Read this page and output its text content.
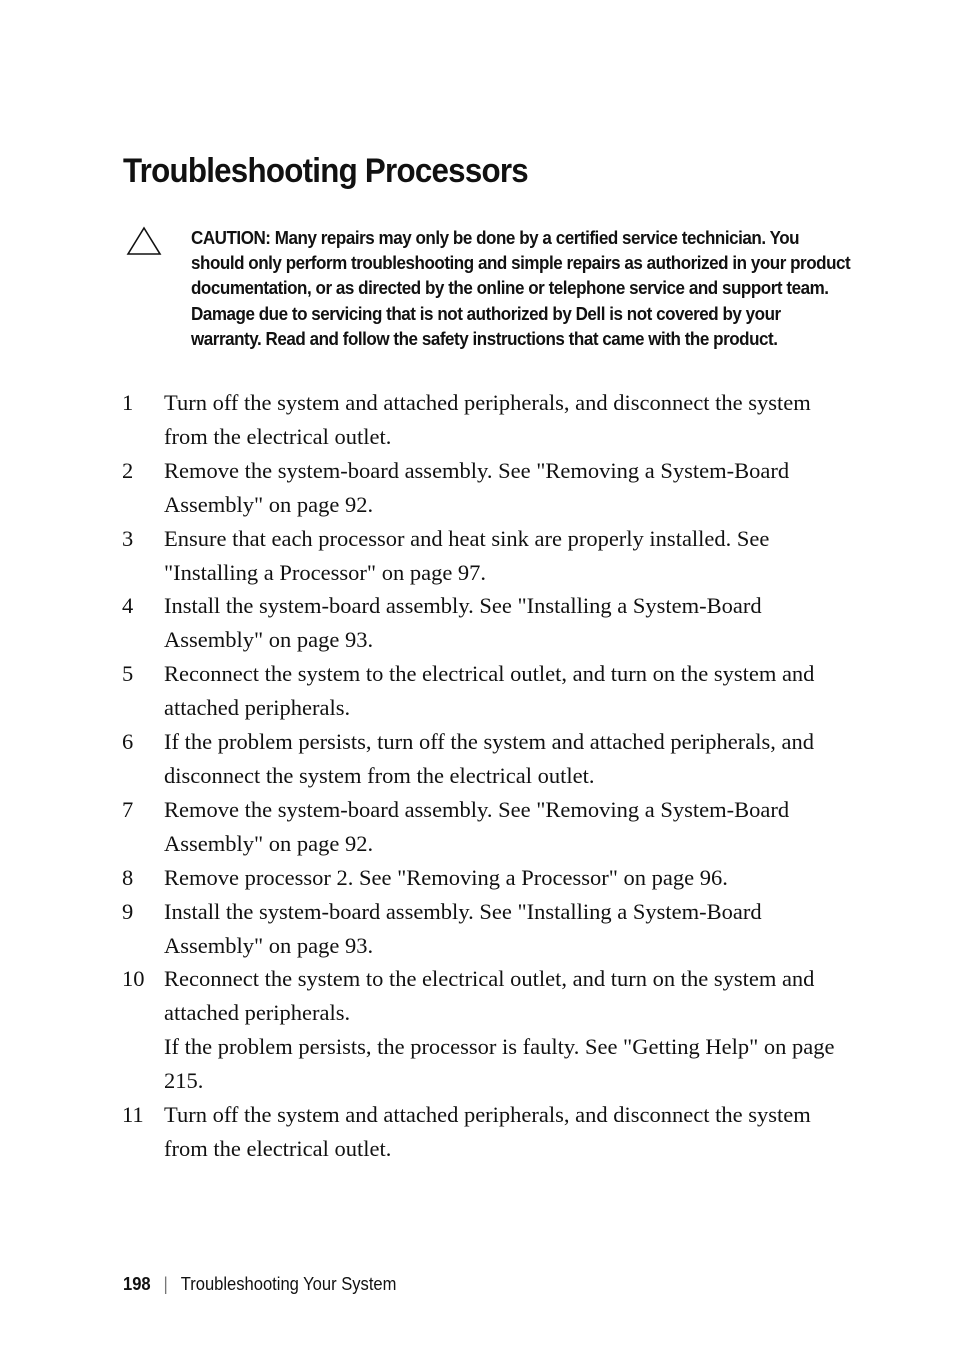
Troubleshooting Processors

CAUTION: Many repairs may only be done by a certified service technician. You should only perform troubleshooting and simple repairs as authorized in your product documentation, or as directed by the online or telephone service and support team. Damage due to servicing that is not authorized by Dell is not covered by your warranty. Read and follow the safety instructions that came with the product.

1 Turn off the system and attached peripherals, and disconnect the system from the electrical outlet.
2 Remove the system-board assembly. See "Removing a System-Board Assembly" on page 92.
3 Ensure that each processor and heat sink are properly installed. See "Installing a Processor" on page 97.
4 Install the system-board assembly. See "Installing a System-Board Assembly" on page 93.
5 Reconnect the system to the electrical outlet, and turn on the system and attached peripherals.
6 If the problem persists, turn off the system and attached peripherals, and disconnect the system from the electrical outlet.
7 Remove the system-board assembly. See "Removing a System-Board Assembly" on page 92.
8 Remove processor 2. See "Removing a Processor" on page 96.
9 Install the system-board assembly. See "Installing a System-Board Assembly" on page 93.
10 Reconnect the system to the electrical outlet, and turn on the system and attached peripherals.
If the problem persists, the processor is faulty. See "Getting Help" on page 215.
11 Turn off the system and attached peripherals, and disconnect the system from the electrical outlet.
198 | Troubleshooting Your System
